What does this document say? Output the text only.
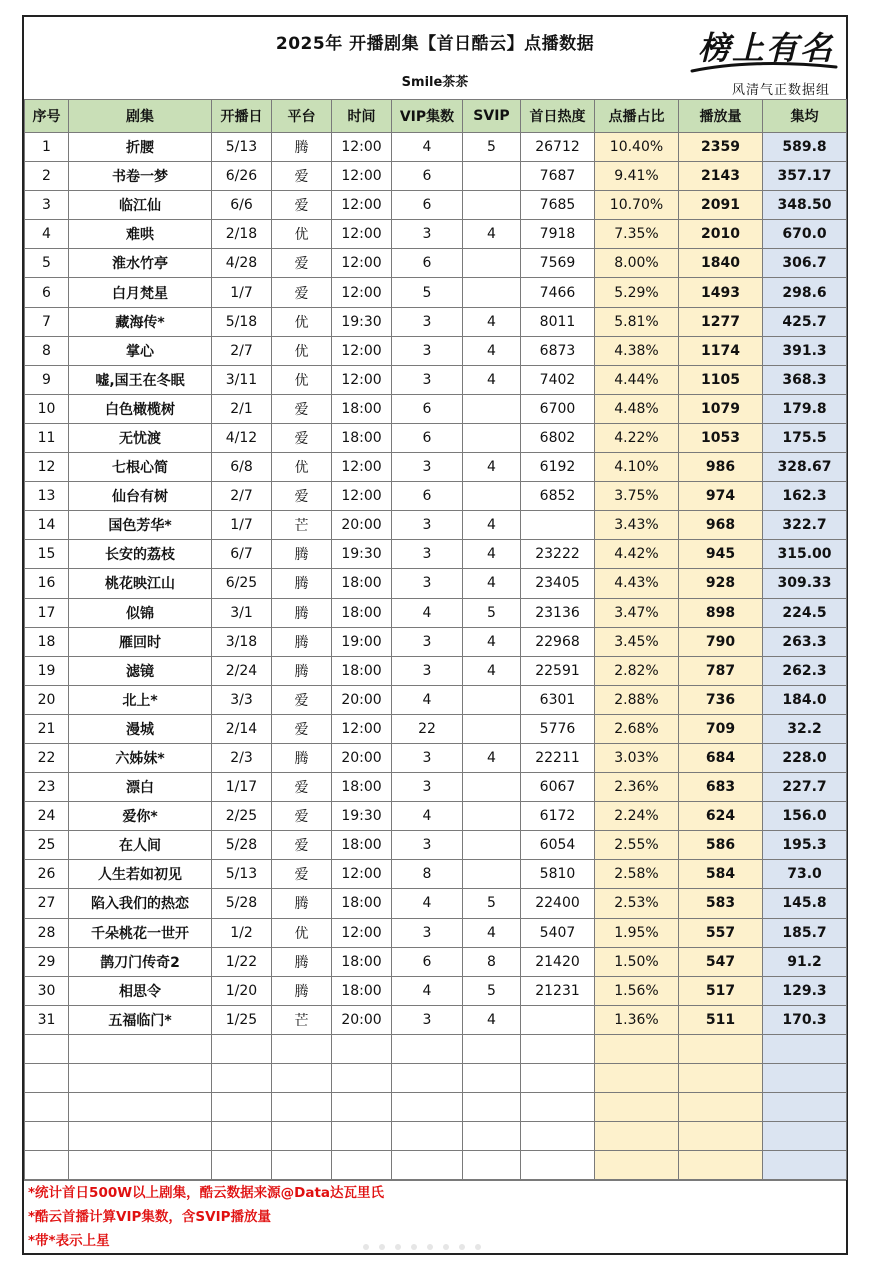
2025年 开播剧集【首日酷云】点播数据
Smile茶茶
榜上有名
风清气正数据组
序号	剧集	开播日	平台	时间	VIP集数	SVIP	首日热度	点播占比	播放量	集均
1	折腰	5/13	腾	12:00	4	5	26712	10.40%	2359	589.8
2	书卷一梦	6/26	爱	12:00	6		7687	9.41%	2143	357.17
3	临江仙	6/6	爱	12:00	6		7685	10.70%	2091	348.50
4	难哄	2/18	优	12:00	3	4	7918	7.35%	2010	670.0
5	淮水竹亭	4/28	爱	12:00	6		7569	8.00%	1840	306.7
6	白月梵星	1/7	爱	12:00	5		7466	5.29%	1493	298.6
7	藏海传*	5/18	优	19:30	3	4	8011	5.81%	1277	425.7
8	掌心	2/7	优	12:00	3	4	6873	4.38%	1174	391.3
9	嘘,国王在冬眠	3/11	优	12:00	3	4	7402	4.44%	1105	368.3
10	白色橄榄树	2/1	爱	18:00	6		6700	4.48%	1079	179.8
11	无忧渡	4/12	爱	18:00	6		6802	4.22%	1053	175.5
12	七根心简	6/8	优	12:00	3	4	6192	4.10%	986	328.67
13	仙台有树	2/7	爱	12:00	6		6852	3.75%	974	162.3
14	国色芳华*	1/7	芒	20:00	3	4		3.43%	968	322.7
15	长安的荔枝	6/7	腾	19:30	3	4	23222	4.42%	945	315.00
16	桃花映江山	6/25	腾	18:00	3	4	23405	4.43%	928	309.33
17	似锦	3/1	腾	18:00	4	5	23136	3.47%	898	224.5
18	雁回时	3/18	腾	19:00	3	4	22968	3.45%	790	263.3
19	滤镜	2/24	腾	18:00	3	4	22591	2.82%	787	262.3
20	北上*	3/3	爱	20:00	4		6301	2.88%	736	184.0
21	漫城	2/14	爱	12:00	22		5776	2.68%	709	32.2
22	六姊妹*	2/3	腾	20:00	3	4	22211	3.03%	684	228.0
23	漂白	1/17	爱	18:00	3		6067	2.36%	683	227.7
24	爱你*	2/25	爱	19:30	4		6172	2.24%	624	156.0
25	在人间	5/28	爱	18:00	3		6054	2.55%	586	195.3
26	人生若如初见	5/13	爱	12:00	8		5810	2.58%	584	73.0
27	陷入我们的热恋	5/28	腾	18:00	4	5	22400	2.53%	583	145.8
28	千朵桃花一世开	1/2	优	12:00	3	4	5407	1.95%	557	185.7
29	鹊刀门传奇2	1/22	腾	18:00	6	8	21420	1.50%	547	91.2
30	相思令	1/20	腾	18:00	4	5	21231	1.56%	517	129.3
31	五福临门*	1/25	芒	20:00	3	4		1.36%	511	170.3

*统计首日500W以上剧集，酷云数据来源@Data达瓦里氏
*酷云首播计算VIP集数，含SVIP播放量
*带*表示上星
